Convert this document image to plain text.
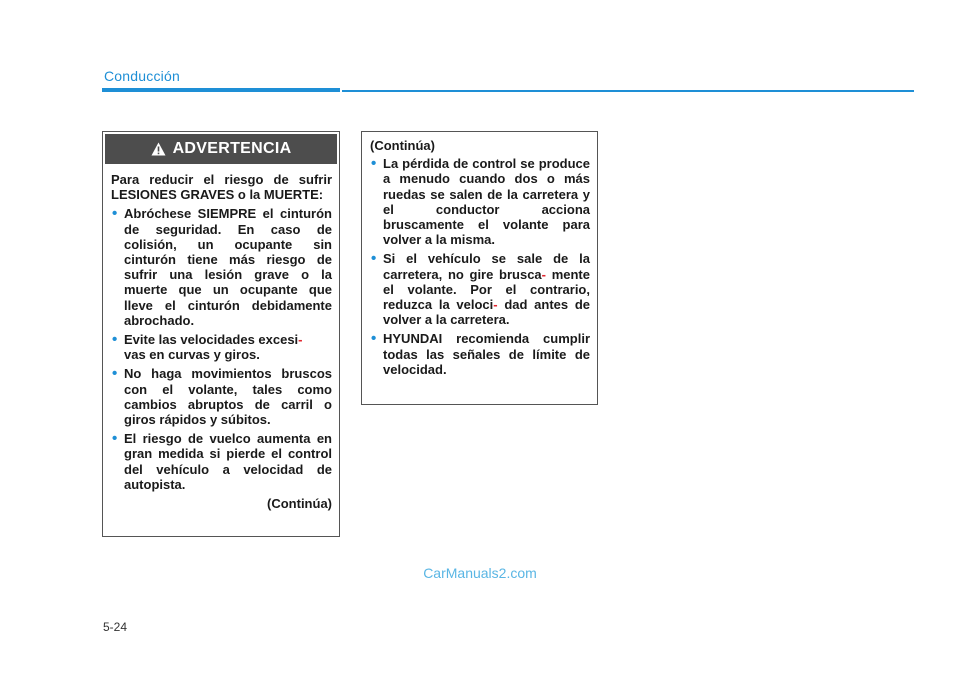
Conducción
ADVERTENCIA

Para reducir el riesgo de sufrir LESIONES GRAVES o la MUERTE:

• Abróchese SIEMPRE el cinturón de seguridad. En caso de colisión, un ocupante sin cinturón tiene más riesgo de sufrir una lesión grave o la muerte que un ocupante que lleve el cinturón debidamente abrochado.
• Evite las velocidades excesi-
vas en curvas y giros.
• No haga movimientos bruscos con el volante, tales como cambios abruptos de carril o giros rápidos y súbitos.
• El riesgo de vuelco aumenta en gran medida si pierde el control del vehículo a velocidad de autopista.
(Continúa)
(Continúa)
• La pérdida de control se produce a menudo cuando dos o más ruedas se salen de la carretera y el conductor acciona bruscamente el volante para volver a la misma.
• Si el vehículo se sale de la carretera, no gire brusca- mente el volante. Por el contrario, reduzca la veloci- dad antes de volver a la carretera.
• HYUNDAI recomienda cumplir todas las señales de límite de velocidad.
CarManuals2.com
5-24
